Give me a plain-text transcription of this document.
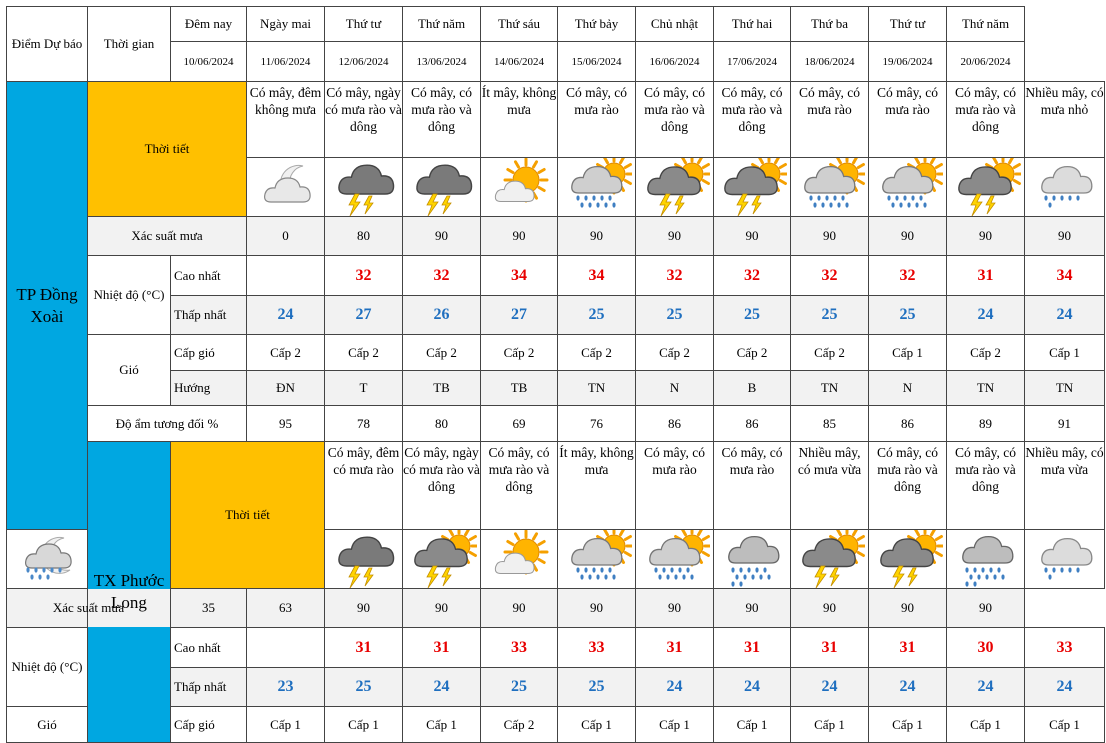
Điểm Dự báo	Thời gian	Đêm nay	Ngày mai	Thứ tư	Thứ năm	Thứ sáu	Thứ bảy	Chủ nhật	Thứ hai	Thứ ba	Thứ tư	Thứ năm		
		10/06/2024	11/06/2024	12/06/2024	13/06/2024	14/06/2024	15/06/2024	16/06/2024	17/06/2024	18/06/2024	19/06/2024	20/06/2024		
TP Đồng Xoài	Thời tiết		Có mây, đêm không mưa	Có mây, ngày có mưa rào và dông	Có mây, có mưa rào và dông	Ít mây, không mưa	Có mây, có mưa rào	Có mây, có mưa rào và dông	Có mây, có mưa rào và dông	Có mây, có mưa rào	Có mây, có mưa rào	Có mây, có mưa rào và dông	Nhiều mây, có mưa nhỏ	

	Xác suất mưa		0	80	90	90	90	90	90	90	90	90	90	
	Nhiệt độ (°C)	Cao nhất		32	32	34	34	32	32	32	32	31	34	
		Thấp nhất	24	27	26	27	25	25	25	25	25	24	24	
	Gió	Cấp gió	Cấp 2	Cấp 2	Cấp 2	Cấp 2	Cấp 2	Cấp 2	Cấp 2	Cấp 2	Cấp 1	Cấp 2	Cấp 1	
		Hướng	ĐN	T	TB	TB	TN	N	B	TN	N	TN	TN	
	Độ ẩm tương đối %		95	78	80	69	76	86	86	85	86	89	91	
	TX Phước Long	Thời tiết		Có mây, đêm có mưa rào	Có mây, ngày có mưa rào và dông	Có mây, có mưa rào và dông	Ít mây, không mưa	Có mây, có mưa rào	Có mây, có mưa rào	Nhiều mây, có mưa vừa	Có mây, có mưa rào và dông	Có mây, có mưa rào và dông	Nhiều mây, có mưa vừa	

Xác suất mưa		35	63	90	90	90	90	90	90	90	90	90		
Nhiệt độ (°C)		Cao nhất		31	31	33	33	31	31	31	31	30	33	
		Thấp nhất	23	25	24	25	25	24	24	24	24	24	24	
Gió		Cấp gió	Cấp 1	Cấp 1	Cấp 1	Cấp 2	Cấp 1	Cấp 1	Cấp 1	Cấp 1	Cấp 1	Cấp 1	Cấp 1	
